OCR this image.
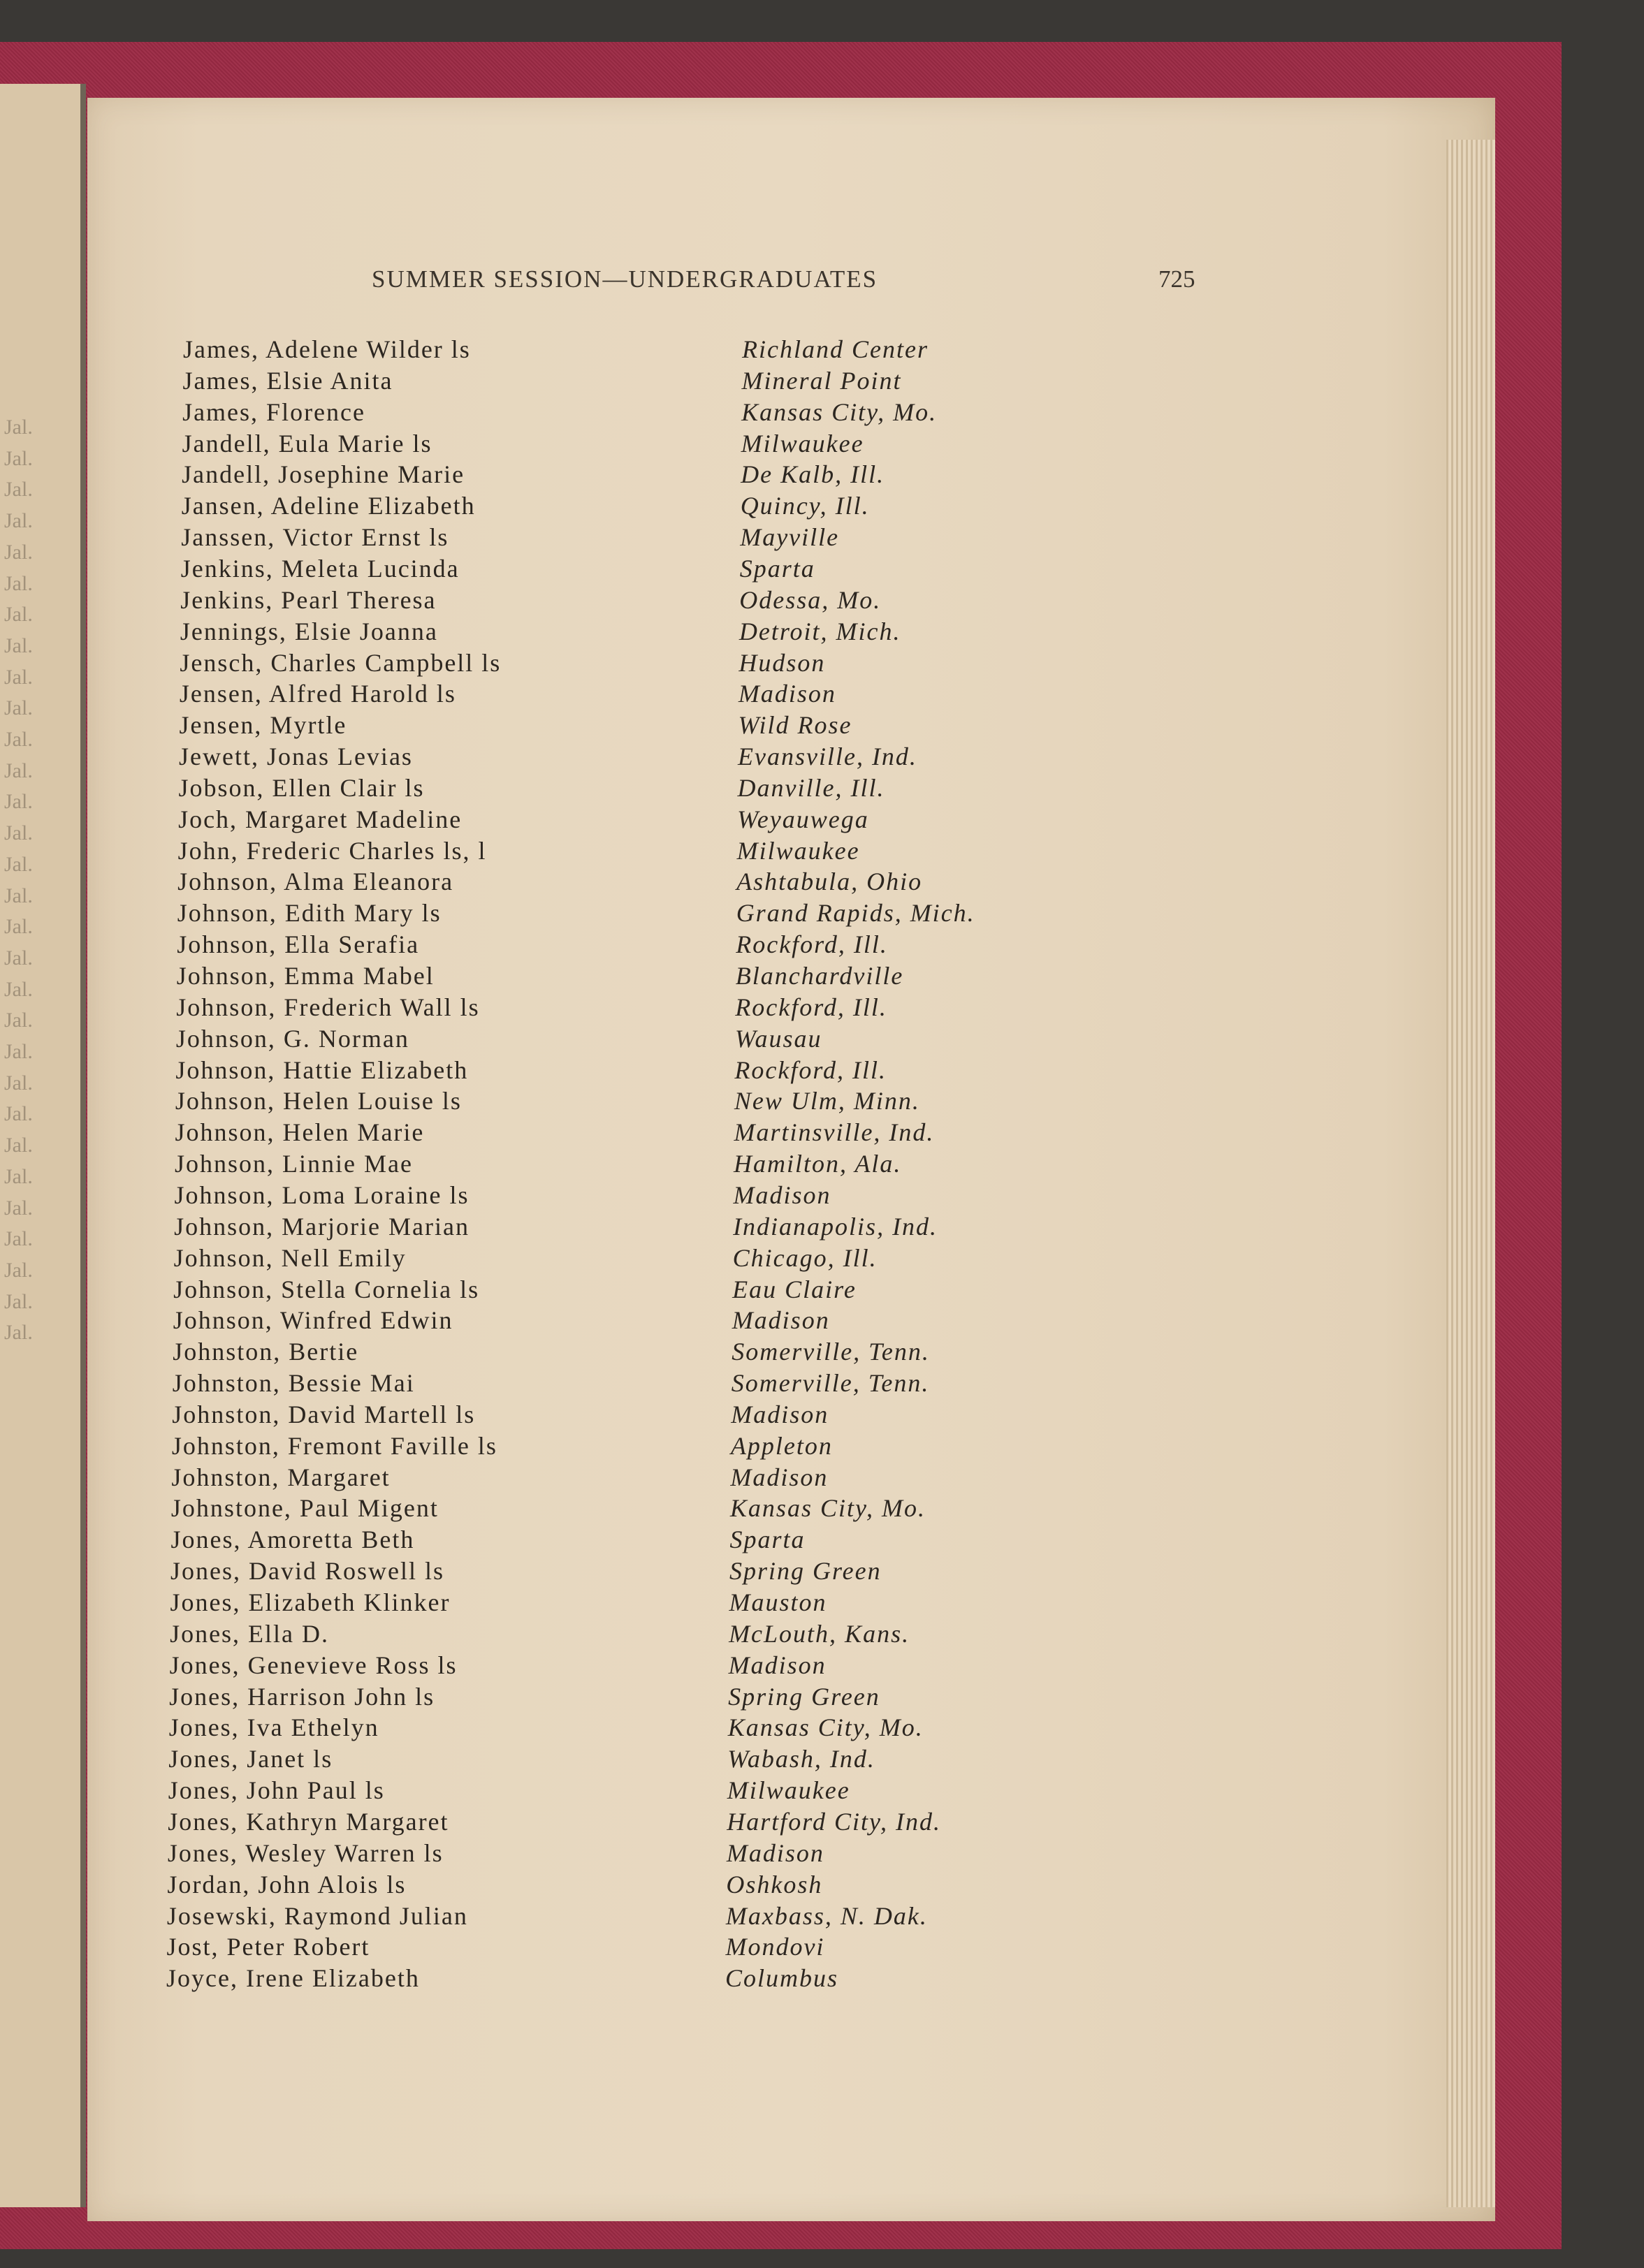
Jal.
Jal.
Jal.
Jal.
Jal.
Jal.
Jal.
Jal.
Jal.
Jal.
Jal.
Jal.
Jal.
Jal.
Jal.
Jal.
Jal.
Jal.
Jal.
Jal.
Jal.
Jal.
Jal.
Jal.
Jal.
Jal.
Jal.
Jal.
Jal.
Jal.
SUMMER SESSION—UNDERGRADUATES	725
James, Adelene Wilder ls	Richland Center
James, Elsie Anita	Mineral Point
James, Florence	Kansas City, Mo.
Jandell, Eula Marie ls	Milwaukee
Jandell, Josephine Marie	De Kalb, Ill.
Jansen, Adeline Elizabeth	Quincy, Ill.
Janssen, Victor Ernst ls	Mayville
Jenkins, Meleta Lucinda	Sparta
Jenkins, Pearl Theresa	Odessa, Mo.
Jennings, Elsie Joanna	Detroit, Mich.
Jensch, Charles Campbell ls	Hudson
Jensen, Alfred Harold ls	Madison
Jensen, Myrtle	Wild Rose
Jewett, Jonas Levias	Evansville, Ind.
Jobson, Ellen Clair ls	Danville, Ill.
Joch, Margaret Madeline	Weyauwega
John, Frederic Charles ls, l	Milwaukee
Johnson, Alma Eleanora	Ashtabula, Ohio
Johnson, Edith Mary ls	Grand Rapids, Mich.
Johnson, Ella Serafia	Rockford, Ill.
Johnson, Emma Mabel	Blanchardville
Johnson, Frederich Wall ls	Rockford, Ill.
Johnson, G. Norman	Wausau
Johnson, Hattie Elizabeth	Rockford, Ill.
Johnson, Helen Louise ls	New Ulm, Minn.
Johnson, Helen Marie	Martinsville, Ind.
Johnson, Linnie Mae	Hamilton, Ala.
Johnson, Loma Loraine ls	Madison
Johnson, Marjorie Marian	Indianapolis, Ind.
Johnson, Nell Emily	Chicago, Ill.
Johnson, Stella Cornelia ls	Eau Claire
Johnson, Winfred Edwin	Madison
Johnston, Bertie	Somerville, Tenn.
Johnston, Bessie Mai	Somerville, Tenn.
Johnston, David Martell ls	Madison
Johnston, Fremont Faville ls	Appleton
Johnston, Margaret	Madison
Johnstone, Paul Migent	Kansas City, Mo.
Jones, Amoretta Beth	Sparta
Jones, David Roswell ls	Spring Green
Jones, Elizabeth Klinker	Mauston
Jones, Ella D.	McLouth, Kans.
Jones, Genevieve Ross ls	Madison
Jones, Harrison John ls	Spring Green
Jones, Iva Ethelyn	Kansas City, Mo.
Jones, Janet ls	Wabash, Ind.
Jones, John Paul ls	Milwaukee
Jones, Kathryn Margaret	Hartford City, Ind.
Jones, Wesley Warren ls	Madison
Jordan, John Alois ls	Oshkosh
Josewski, Raymond Julian	Maxbass, N. Dak.
Jost, Peter Robert	Mondovi
Joyce, Irene Elizabeth	Columbus
